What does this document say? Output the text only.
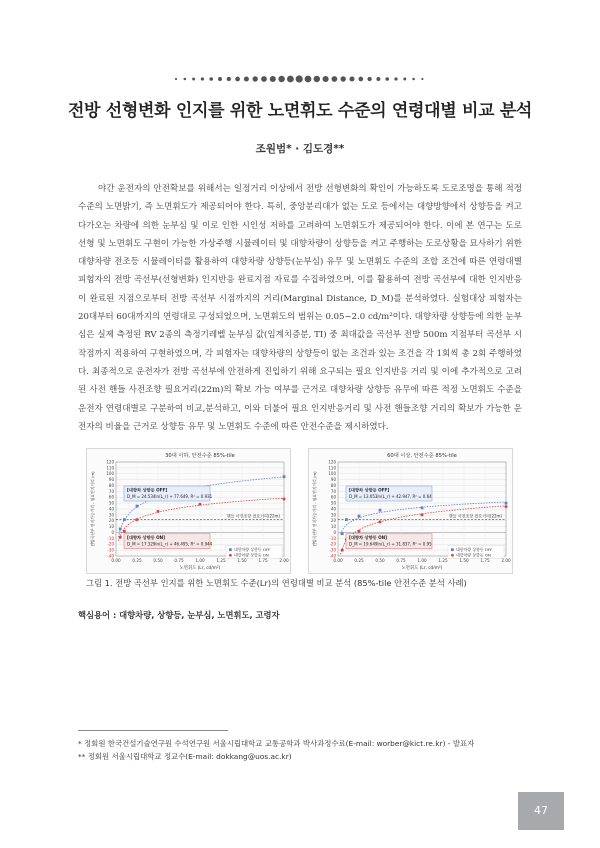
전방 선형변화 인지를 위한 노면휘도 수준의 연령대별 비교 분석
조원범* · 김도경**

야간 운전자의 안전확보를 위해서는 일정거리 이상에서 전방 선형변화의 확인이 가능하도록 도로조명을 통해 적정 수준의 노면밝기, 즉 노면휘도가 제공되어야 한다. 특히, 중앙분리대가 없는 도로 등에서는 대향방향에서 상향등을 켜고 다가오는 차량에 의한 눈부심 및 이로 인한 시인성 저하를 고려하여 노면휘도가 제공되어야 한다. 이에 본 연구는 도로 선형 및 노면휘도 구현이 가능한 가상주행 시뮬레이터 및 대향차량이 상향등을 켜고 주행하는 도로상황을 묘사하기 위한 대향차량 전조등 시뮬레이터를 활용하여 대향차량 상향등(눈부심) 유무 및 노면휘도 수준의 조합 조건에 따른 연령대별 피험자의 전방 곡선부(선형변화) 인지반응 완료지점 자료를 수집하였으며, 이를 활용하여 전방 곡선부에 대한 인지반응이 완료된 지점으로부터 전방 곡선부 시점까지의 거리(Marginal Distance, D_M)를 분석하였다. 실험대상 피험자는 20대부터 60대까지의 연령대로 구성되었으며, 노면휘도의 범위는 0.05~2.0 cd/m²이다. 대향차량 상향등에 의한 눈부심은 실제 측정된 RV 2종의 측정기레벨 눈부심 값(임계치증분, TI) 중 최대값을 곡선부 전방 500m 지점부터 곡선부 시작점까지 적용하여 구현하였으며, 각 피험자는 대향차량의 상향등이 없는 조건과 있는 조건을 각 1회씩 총 2회 주행하였다. 최종적으로 운전자가 전방 곡선부에 안전하게 진입하기 위해 요구되는 필요 인지반응 거리 및 이에 추가적으로 고려된 사전 핸들 사전조향 필요거리(22m)의 확보 가능 여부를 근거로 대향차량 상향등 유무에 따른 적정 노면휘도 수준을 운전자 연령대별로 구분하여 비교,분석하고, 이와 더불어 필요 인지반응거리 및 사전 핸들조향 거리의 확보가 가능한 운전자의 비율을 근거로 상향등 유무 및 노면휘도 수준에 따른 안전수준을 제시하였다.

30대 이하, 안전수준 85%-tile
-40
-30
-20
-10
0
10
20
30
40
50
60
70
80
90
100
110
120
0.00	0.25	0.50	0.75	1.00	1.25	1.50	1.75	2.00
노면휘도 (Lr, cd/m²)
전방곡선부 인지가능거리 - 필요인지거리 (m)	핸들 사전조향 필요거리(22m)
[대향차 상향등 OFF]
D_M = 24.534ln(L_r) + 77.649, R² = 0.931
[대향차 상향등 ON]
D_M = 17.329ln(L_r) + 46.495, R² = 0.944
대향차량 상향등 OFF
대향차량 상향등 ON
60대 이상, 안전수준 85%-tile
-40
-30
-20
-10
0
10
20
30
40
50
60
70
80
90
100
110
120
0.00	0.25	0.50	0.75	1.00	1.25	1.50	1.75	2.00
노면휘도 (Lr, cd/m²)
전방곡선부 인지가능거리 - 필요인지거리 (m)	핸들 사전조향 필요거리(22m)
[대향차 상향등 OFF]
D_M = 13.053ln(L_r) + 42.947, R² = 0.64
[대향차 상향등 ON]
D_M = 19.649ln(L_r) + 31.837, R² = 0.95
대향차량 상향등 OFF
대향차량 상향등 ON
그림 1. 전방 곡선부 인지를 위한 노면휘도 수준(Lr)의 연령대별 비교 분석 (85%-tile 안전수준 분석 사례)
핵심용어 : 대향차량, 상향등, 눈부심, 노면휘도, 고령자
* 정회원 한국건설기술연구원 수석연구원 서울시립대학교 교통공학과 박사과정수료(E-mail: worber@kict.re.kr) - 발표자
** 정회원 서울시립대학교 정교수(E-mail: dokkang@uos.ac.kr)
47
